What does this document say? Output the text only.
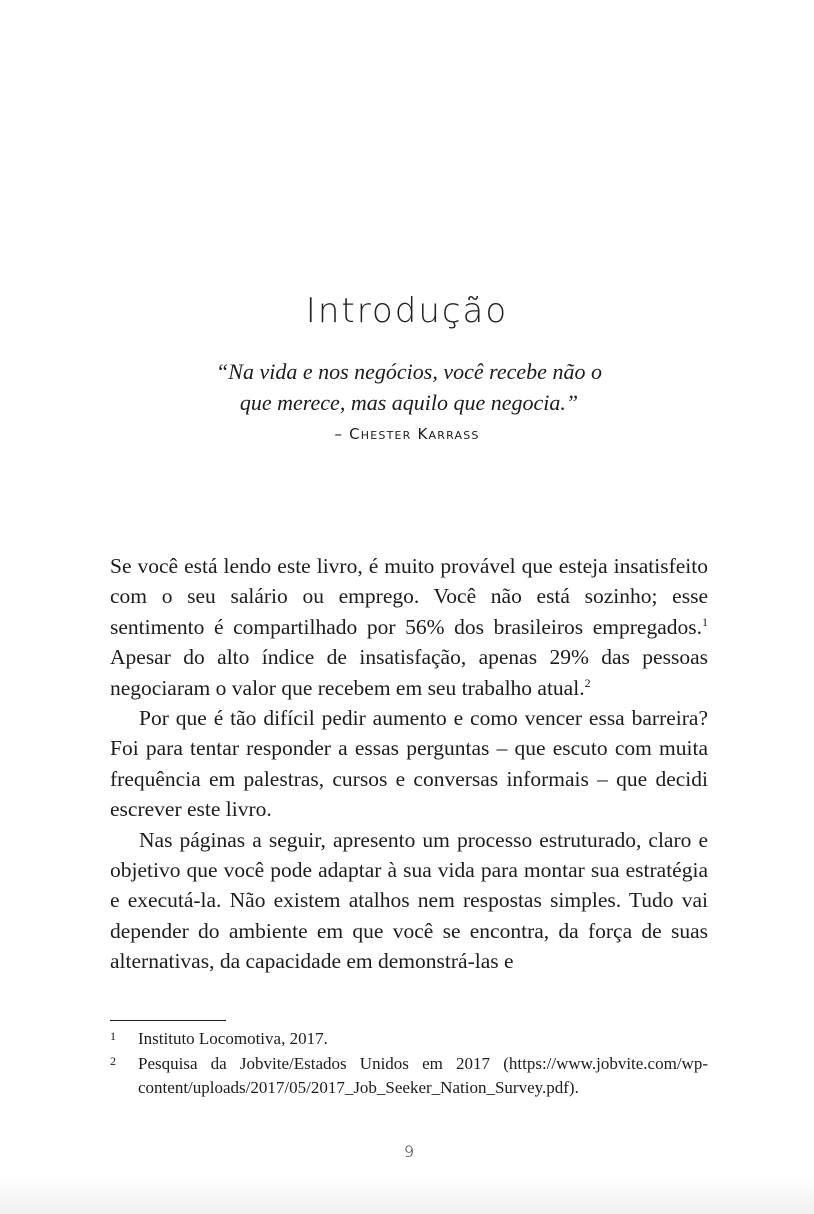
Introdução

“Na vida e nos negócios, você recebe não o
que merece, mas aquilo que negocia.”

– Chester Karrass

Se você está lendo este livro, é muito provável que esteja insatisfeito com o seu salário ou emprego. Você não está sozinho; esse sentimento é compartilhado por 56% dos brasileiros empregados.$^1$ Apesar do alto índice de insatisfação, apenas 29% das pessoas negociaram o valor que recebem em seu trabalho atual.$^2$

Por que é tão difícil pedir aumento e como vencer essa barreira? Foi para tentar responder a essas perguntas – que escuto com muita frequência em palestras, cursos e conversas informais – que decidi escrever este livro.

Nas páginas a seguir, apresento um processo estruturado, claro e objetivo que você pode adaptar à sua vida para montar sua estratégia e executá-la. Não existem atalhos nem respostas simples. Tudo vai depender do ambiente em que você se encontra, da força de suas alternativas, da capacidade em demonstrá-las e

1	Instituto Locomotiva, 2017.
2	Pesquisa da Jobvite/Estados Unidos em 2017 (https://www.jobvite.com/​wp-content/uploads/2017/05/2017_Job_Seeker_Nation_Survey.pdf).
9
